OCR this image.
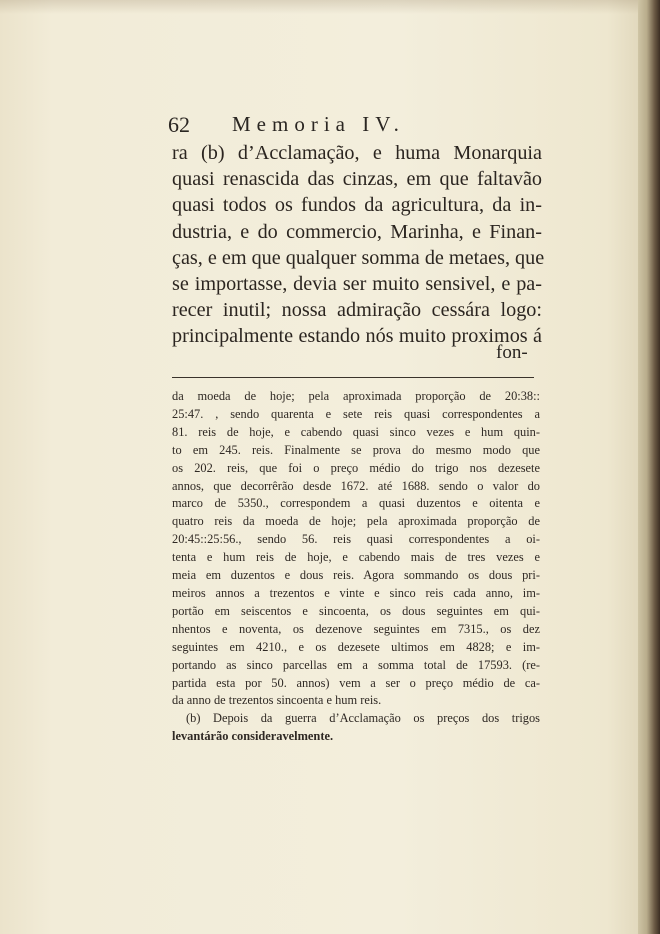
62 Memoria IV.
ra (b) d’Acclamação, e huma Monarquia
quasi renascida das cinzas, em que faltavão
quasi todos os fundos da agricultura, da in-
dustria, e do commercio, Marinha, e Finan-
ças, e em que qualquer somma de metaes, que
se importasse, devia ser muito sensivel, e pa-
recer inutil; nossa admiração cessára logo:
principalmente estando nós muito proximos á
fon-
da moeda de hoje; pela aproximada proporção de 20:38::
25:47. , sendo quarenta e sete reis quasi correspondentes a
81. reis de hoje, e cabendo quasi sinco vezes e hum quin-
to em 245. reis. Finalmente se prova do mesmo modo que
os 202. reis, que foi o preço médio do trigo nos dezesete
annos, que decorrêrão desde 1672. até 1688. sendo o valor do
marco de 5350., correspondem a quasi duzentos e oitenta e
quatro reis da moeda de hoje; pela aproximada proporção de
20:45::25:56., sendo 56. reis quasi correspondentes a oi-
tenta e hum reis de hoje, e cabendo mais de tres vezes e
meia em duzentos e dous reis. Agora sommando os dous pri-
meiros annos a trezentos e vinte e sinco reis cada anno, im-
portão em seiscentos e sincoenta, os dous seguintes em qui-
nhentos e noventa, os dezenove seguintes em 7315., os dez
seguintes em 4210., e os dezesete ultimos em 4828; e im-
portando as sinco parcellas em a somma total de 17593. (re-
partida esta por 50. annos) vem a ser o preço médio de ca-
da anno de trezentos sincoenta e hum reis.
(b) Depois da guerra d’Acclamação os preços dos trigos
levantárão consideravelmente.
